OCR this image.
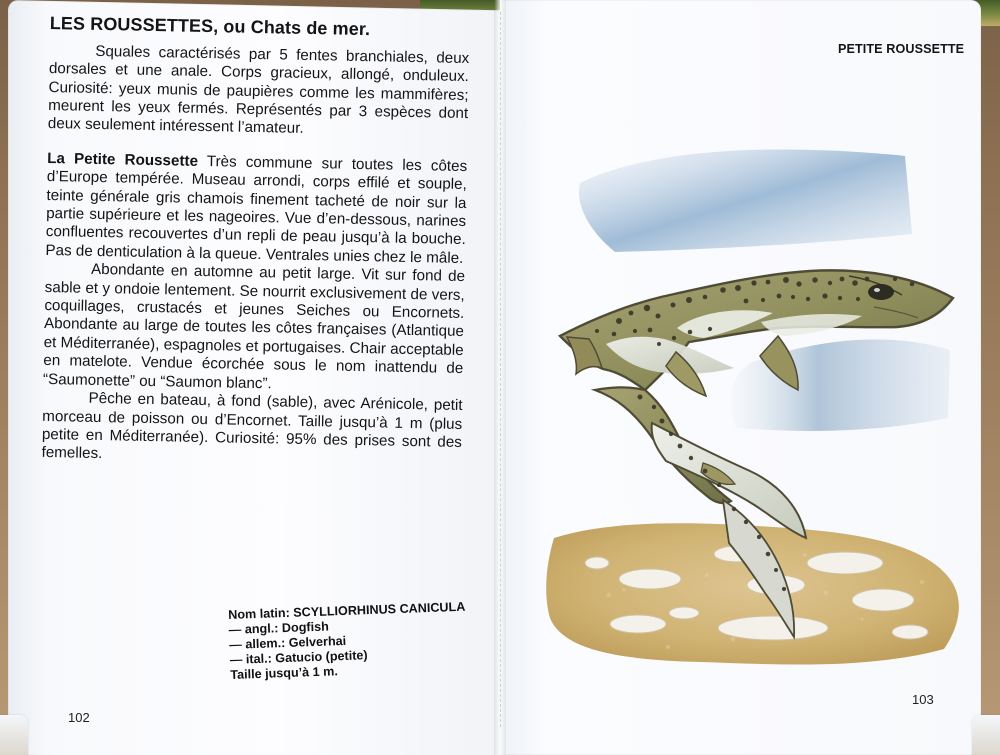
LES ROUSSETTES, ou Chats de mer.

Squales caractérisés par 5 fentes branchiales, deux dorsales et une anale. Corps gracieux, allongé, onduleux. Curiosité: yeux munis de paupières comme les mammifères; meurent les yeux fermés. Représentés par 3 espèces dont deux seulement intéressent l’amateur.

La Petite Roussette Très commune sur toutes les côtes d’Europe tempérée. Museau arrondi, corps effilé et souple, teinte générale gris chamois finement tacheté de noir sur la partie supérieure et les nageoires. Vue d’en-dessous, narines confluentes recouvertes d’un repli de peau jusqu’à la bouche. Pas de denticulation à la queue. Ventrales unies chez le mâle.

Abondante en automne au petit large. Vit sur fond de sable et y ondoie lentement. Se nourrit exclusivement de vers, coquillages, crustacés et jeunes Seiches ou Encornets. Abondante au large de toutes les côtes françaises (Atlantique et Méditerranée), espagnoles et portugaises. Chair acceptable en matelote. Vendue écorchée sous le nom inattendu de “Saumonette” ou “Saumon blanc”.

Pêche en bateau, à fond (sable), avec Arénicole, petit morceau de poisson ou d’Encornet. Taille jusqu’à 1 m (plus petite en Méditerranée). Curiosité: 95% des prises sont des femelles.

Nom latin: SCYLLIORHINUS CANICULA
— angl.: Dogfish
— allem.: Gelverhai
— ital.: Gatucio (petite)
Taille jusqu’à 1 m.
102
PETITE ROUSSETTE
103
